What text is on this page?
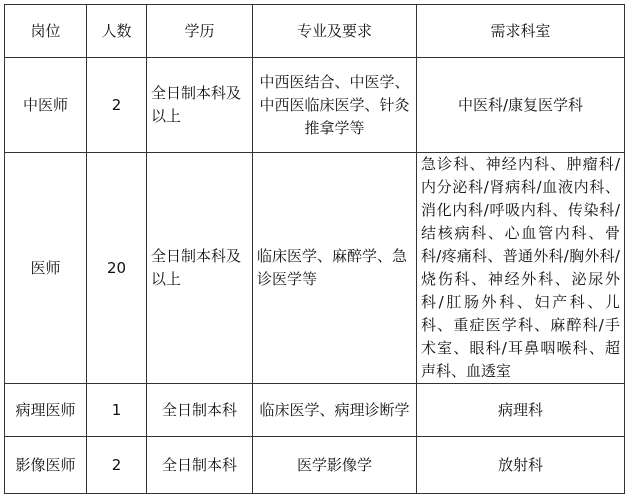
岗位	人数	学历	专业及要求	需求科室
中医师	2	全日制本科及以上	中西医结合、中医学、中西医临床医学、针灸推拿学等	中医科/康复医学科
医师	20	全日制本科及以上	临床医学、麻醉学、急诊医学等	急诊科、神经内科、肿瘤科/内分泌科/肾病科/血液内科、消化内科/呼吸内科、传染科/结核病科、心血管内科、骨科/疼痛科、普通外科/胸外科/烧伤科、神经外科、泌尿外科/肛肠外科、妇产科、儿科、重症医学科、麻醉科/手术室、眼科/耳鼻咽喉科、超声科、血透室
病理医师	1	全日制本科	临床医学、病理诊断学	病理科
影像医师	2	全日制本科	医学影像学	放射科
